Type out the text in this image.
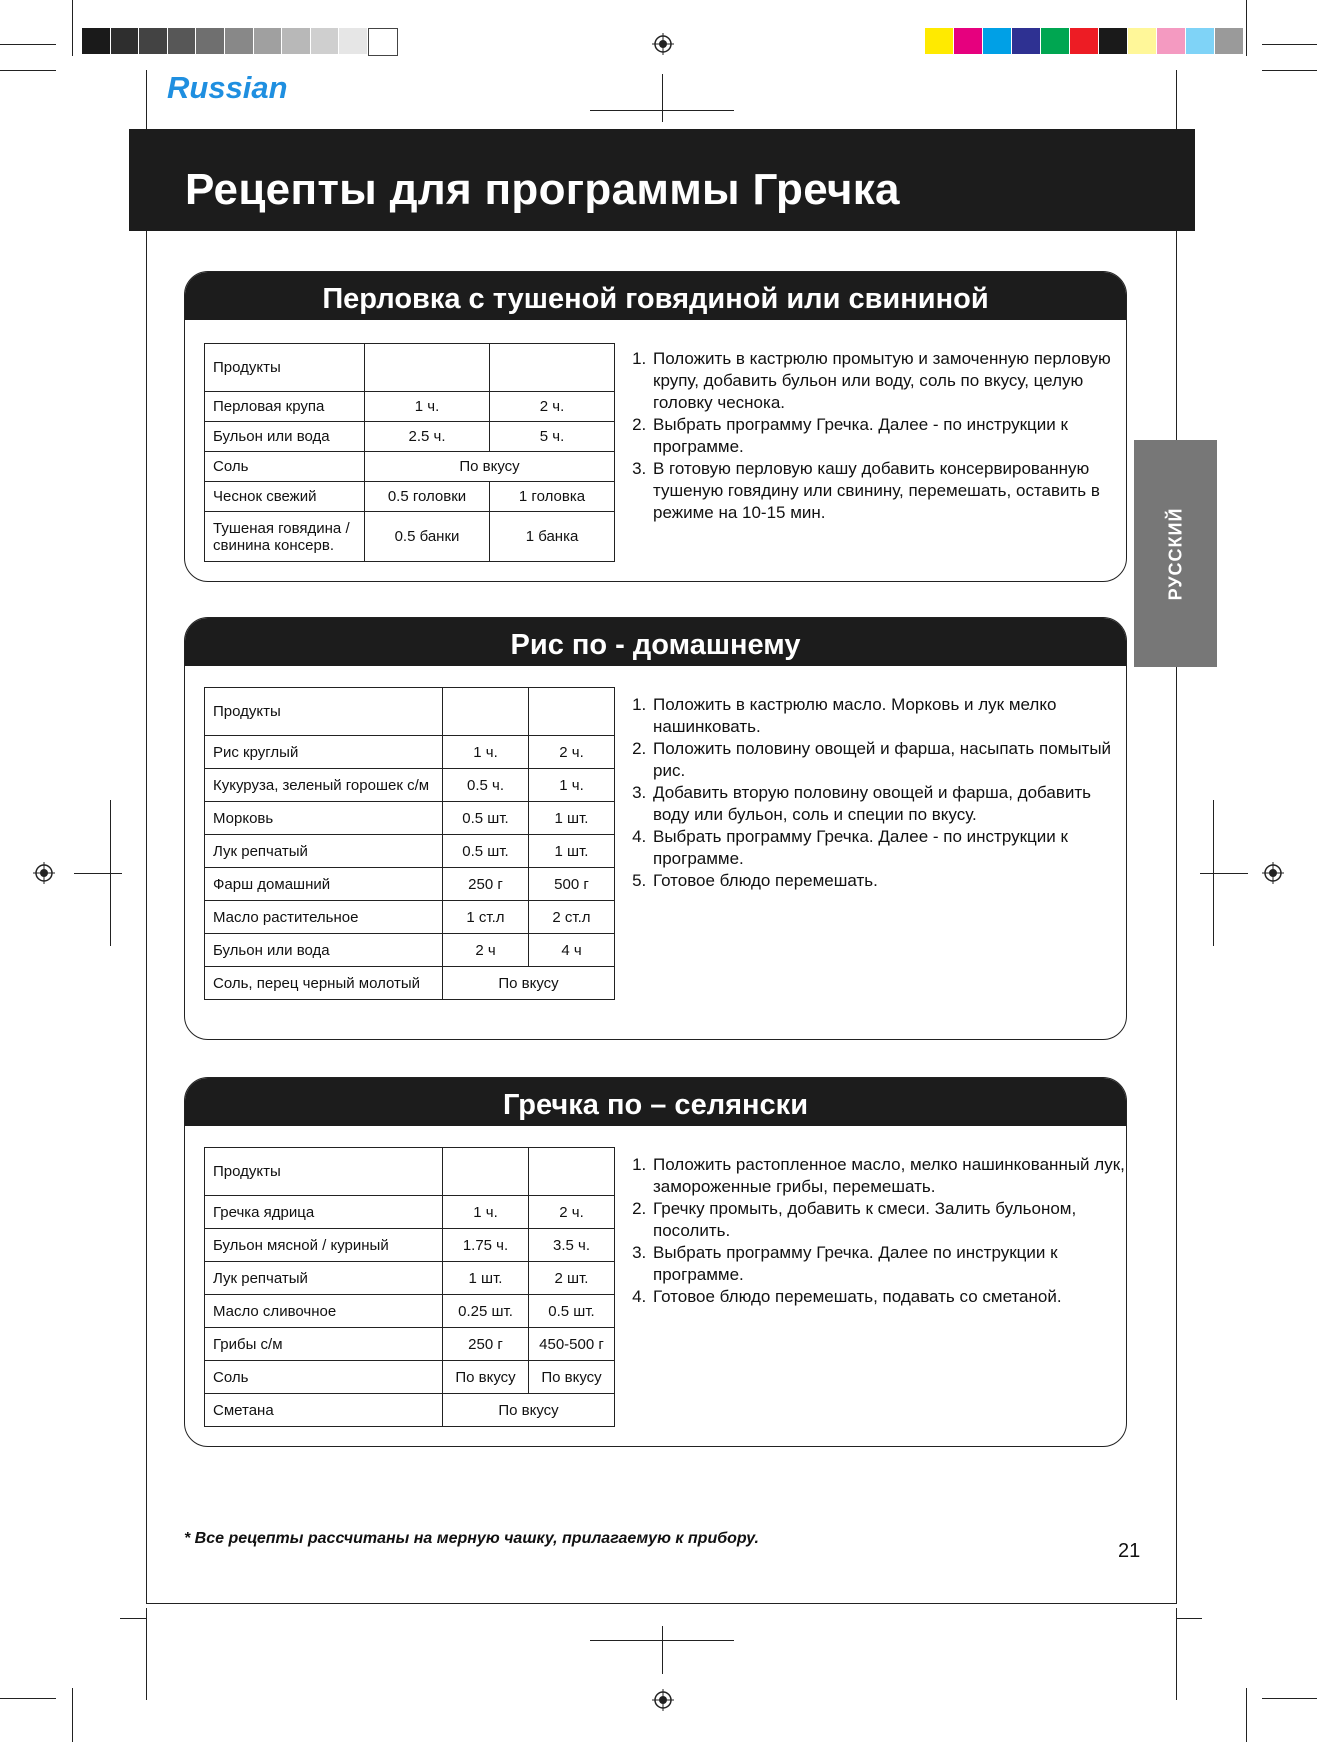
Russian
Рецепты для программы Гречка
РУССКИЙ
Перловка с тушеной говядиной или свининой
Продукты		
Перловая крупа	1 ч.	2 ч.
Бульон или вода	2.5 ч.	5 ч.
Соль	По вкусу	
Чеснок свежий	0.5 головки	1 головка
Тушеная говядина / свинина консерв.	0.5 банки	1 банка
1. Положить в кастрюлю промытую и замоченную перловую крупу, добавить бульон или воду, соль по вкусу, целую головку чеснока.
2. Выбрать программу Гречка. Далее - по инструкции к программе.
3. В готовую перловую кашу добавить консервированную тушеную говядину или свинину, перемешать, оставить в режиме на 10-15 мин.
Рис по - домашнему
Продукты		
Рис круглый	1 ч.	2 ч.
Кукуруза, зеленый горошек с/м	0.5 ч.	1 ч.
Морковь	0.5 шт.	1 шт.
Лук репчатый	0.5 шт.	1 шт.
Фарш домашний	250 г	500 г
Масло растительное	1 ст.л	2 ст.л
Бульон или вода	2 ч	4 ч
Соль, перец черный молотый	По вкусу	
1. Положить в кастрюлю масло. Морковь и лук мелко нашинковать.
2. Положить половину овощей и фарша, насыпать помытый рис.
3. Добавить вторую половину овощей и фарша, добавить воду или бульон, соль и специи по вкусу.
4. Выбрать программу Гречка. Далее - по инструкции к программе.
5. Готовое блюдо перемешать.
Гречка по – селянски
Продукты		
Гречка ядрица	1 ч.	2 ч.
Бульон мясной / куриный	1.75 ч.	3.5 ч.
Лук репчатый	1 шт.	2 шт.
Масло сливочное	0.25 шт.	0.5 шт.
Грибы с/м	250 г	450-500 г
Соль	По вкусу	По вкусу
Сметана	По вкусу	
1. Положить растопленное масло, мелко нашинкованный лук, замороженные грибы, перемешать.
2. Гречку промыть, добавить к смеси. Залить бульоном, посолить.
3. Выбрать программу Гречка. Далее по инструкции к программе.
4. Готовое блюдо перемешать, подавать со сметаной.
* Все рецепты рассчитаны на мерную чашку, прилагаемую к прибору.
21
